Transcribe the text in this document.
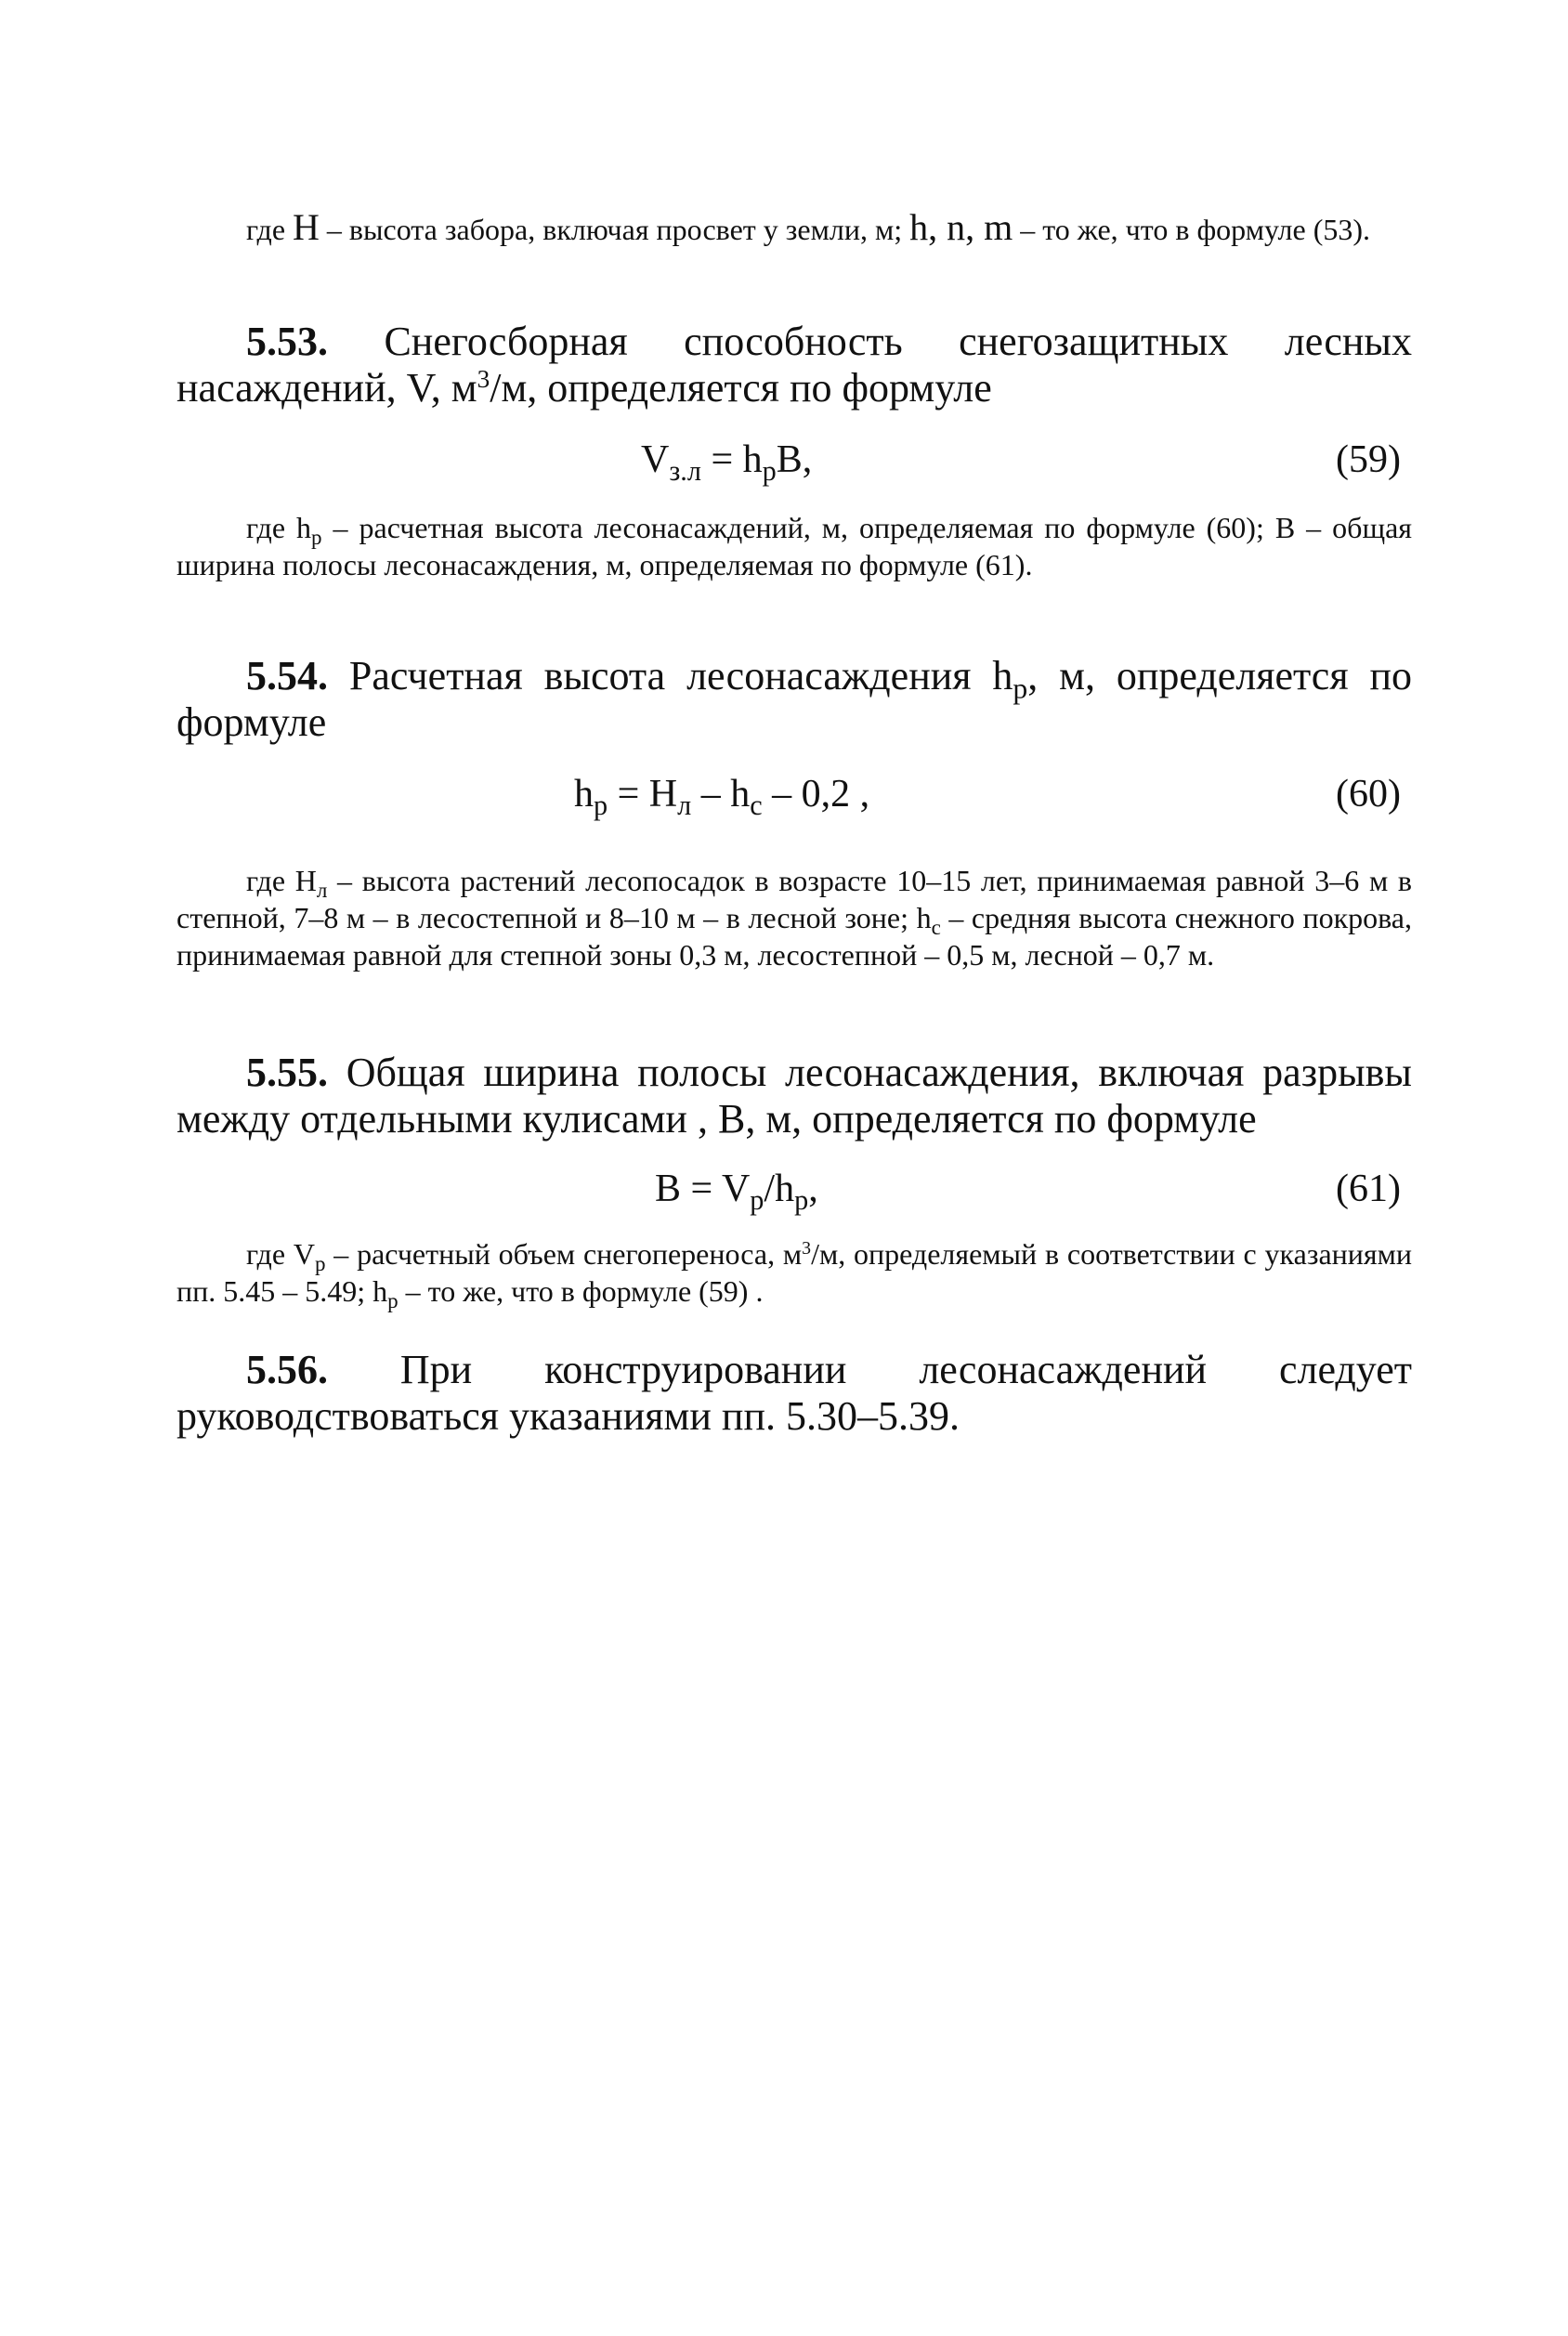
где H – высота забора, включая просвет у земли, м; h, n, m – то же, что в формуле (53).
5.53. Снегосборная способность снегозащитных лесных насаждений, V, $м^3/м$, определяется по формуле
$V_{з.л} = h_pB$,	(59)
где $h_p$ – расчетная высота лесонасаждений, м, определяемая по формуле (60); B – общая ширина полосы лесонасаждения, м, определяемая по формуле (61).
5.54. Расчетная высота лесонасаждения $h_p$, м, определяется по формуле
$h_p = H_л - h_c - 0,2$ ,	(60)
где $H_л$ – высота растений лесопосадок в возрасте 10–15 лет, принимаемая равной 3–6 м в степной, 7–8 м – в лесостепной и 8–10 м – в лесной зоне; $h_c$ – средняя высота снежного покрова, принимаемая равной для степной зоны 0,3 м, лесостепной – 0,5 м, лесной – 0,7 м.
5.55. Общая ширина полосы лесонасаждения, включая разрывы между отдельными кулисами , B, м, определяется по формуле
$B = V_p/h_p$,	(61)
где $V_p$ – расчетный объем снегопереноса, $м^3/м$, определяемый в соответствии с указаниями пп. 5.45 – 5.49; $h_p$ – то же, что в формуле (59) .
5.56. При конструировании лесонасаждений следует руководствоваться указаниями пп. 5.30–5.39.
